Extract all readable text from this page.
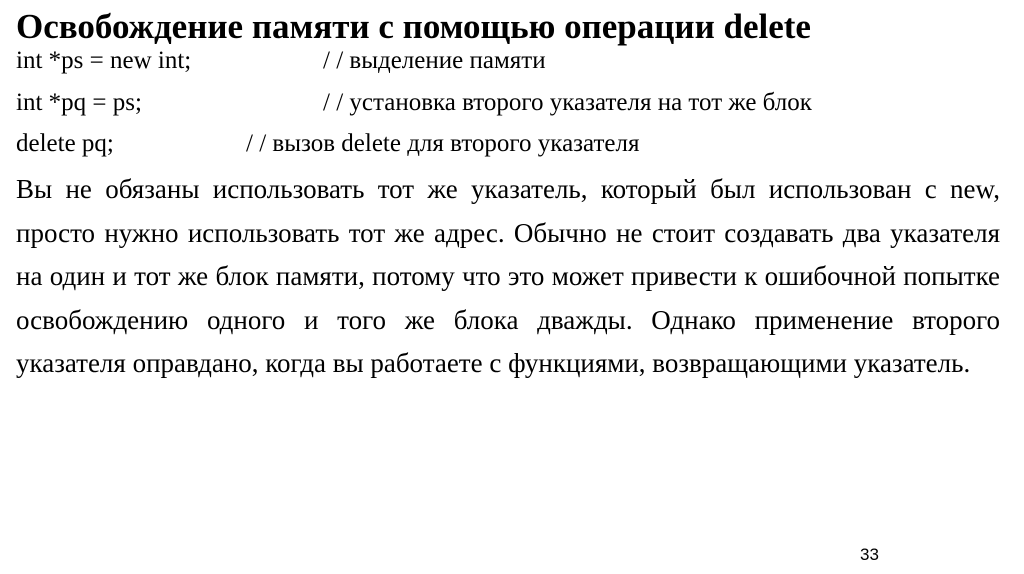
Освобождение памяти с помощью операции delete
int *ps = new int;	/ / выделение памяти
int *pq = ps;	/ / установка второго указателя на тот же блок
delete pq;	/ / вызов delete для второго указателя

Вы не обязаны использовать тот же указатель, который был использован с new, просто нужно использовать тот же адрес. Обычно не стоит создавать два указателя на один и тот же блок памяти, потому что это может привести к ошибочной попытке освобождению одного и того же блока дважды. Однако применение второго указателя оправдано, когда вы работаете с функциями, возвращающими указатель.

33
